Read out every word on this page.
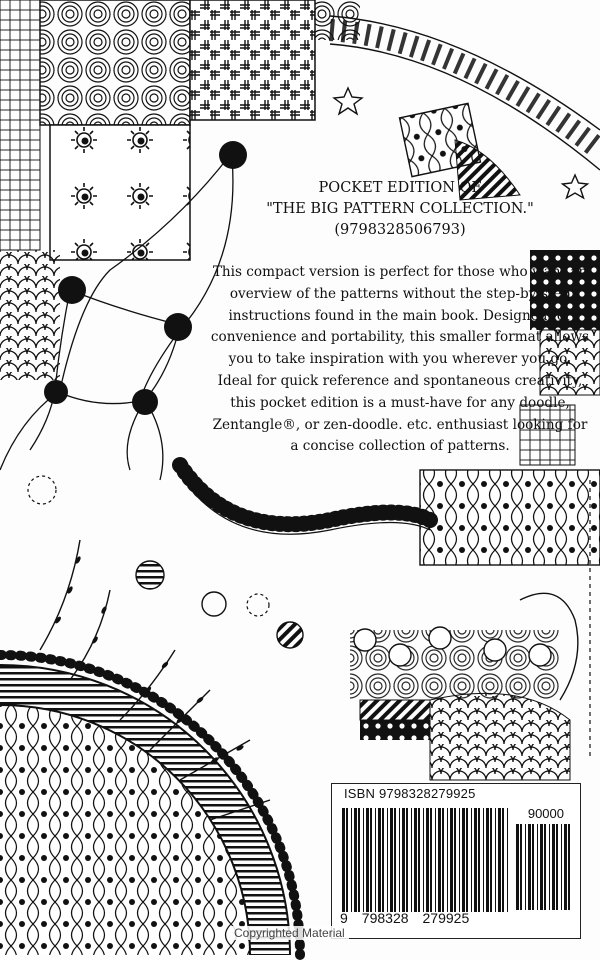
POCKET EDITION OF
"THE BIG PATTERN COLLECTION."
(9798328506793)
This compact version is perfect for those who want an overview of the patterns without the step-by-step instructions found in the main book. Designed for convenience and portability, this smaller format allows you to take inspiration with you wherever you go. Ideal for quick reference and spontaneous creativity, this pocket edition is a must-have for any doodle, Zentangle®, or zen-doodle. etc. enthusiast looking for a concise collection of patterns.
ISBN 9798328279925
90000
9 798328 279925
Copyrighted Material
